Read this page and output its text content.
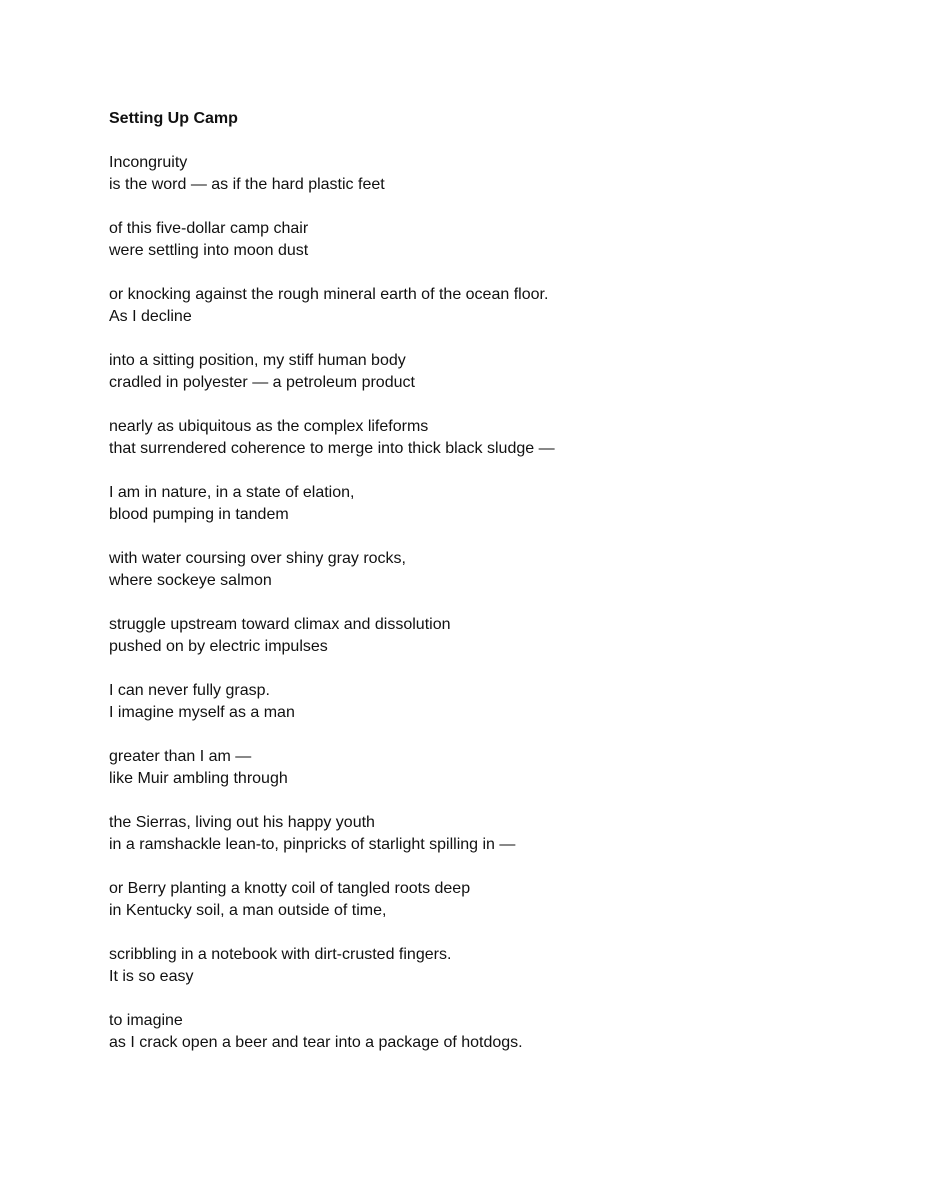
Setting Up Camp
Incongruity
is the word — as if the hard plastic feet
of this five-dollar camp chair
were settling into moon dust
or knocking against the rough mineral earth of the ocean floor.
As I decline
into a sitting position, my stiff human body
cradled in polyester — a petroleum product
nearly as ubiquitous as the complex lifeforms
that surrendered coherence to merge into thick black sludge —
I am in nature, in a state of elation,
blood pumping in tandem
with water coursing over shiny gray rocks,
where sockeye salmon
struggle upstream toward climax and dissolution
pushed on by electric impulses
I can never fully grasp.
I imagine myself as a man
greater than I am —
like Muir ambling through
the Sierras, living out his happy youth
in a ramshackle lean-to, pinpricks of starlight spilling in —
or Berry planting a knotty coil of tangled roots deep
in Kentucky soil, a man outside of time,
scribbling in a notebook with dirt-crusted fingers.
It is so easy
to imagine
as I crack open a beer and tear into a package of hotdogs.
